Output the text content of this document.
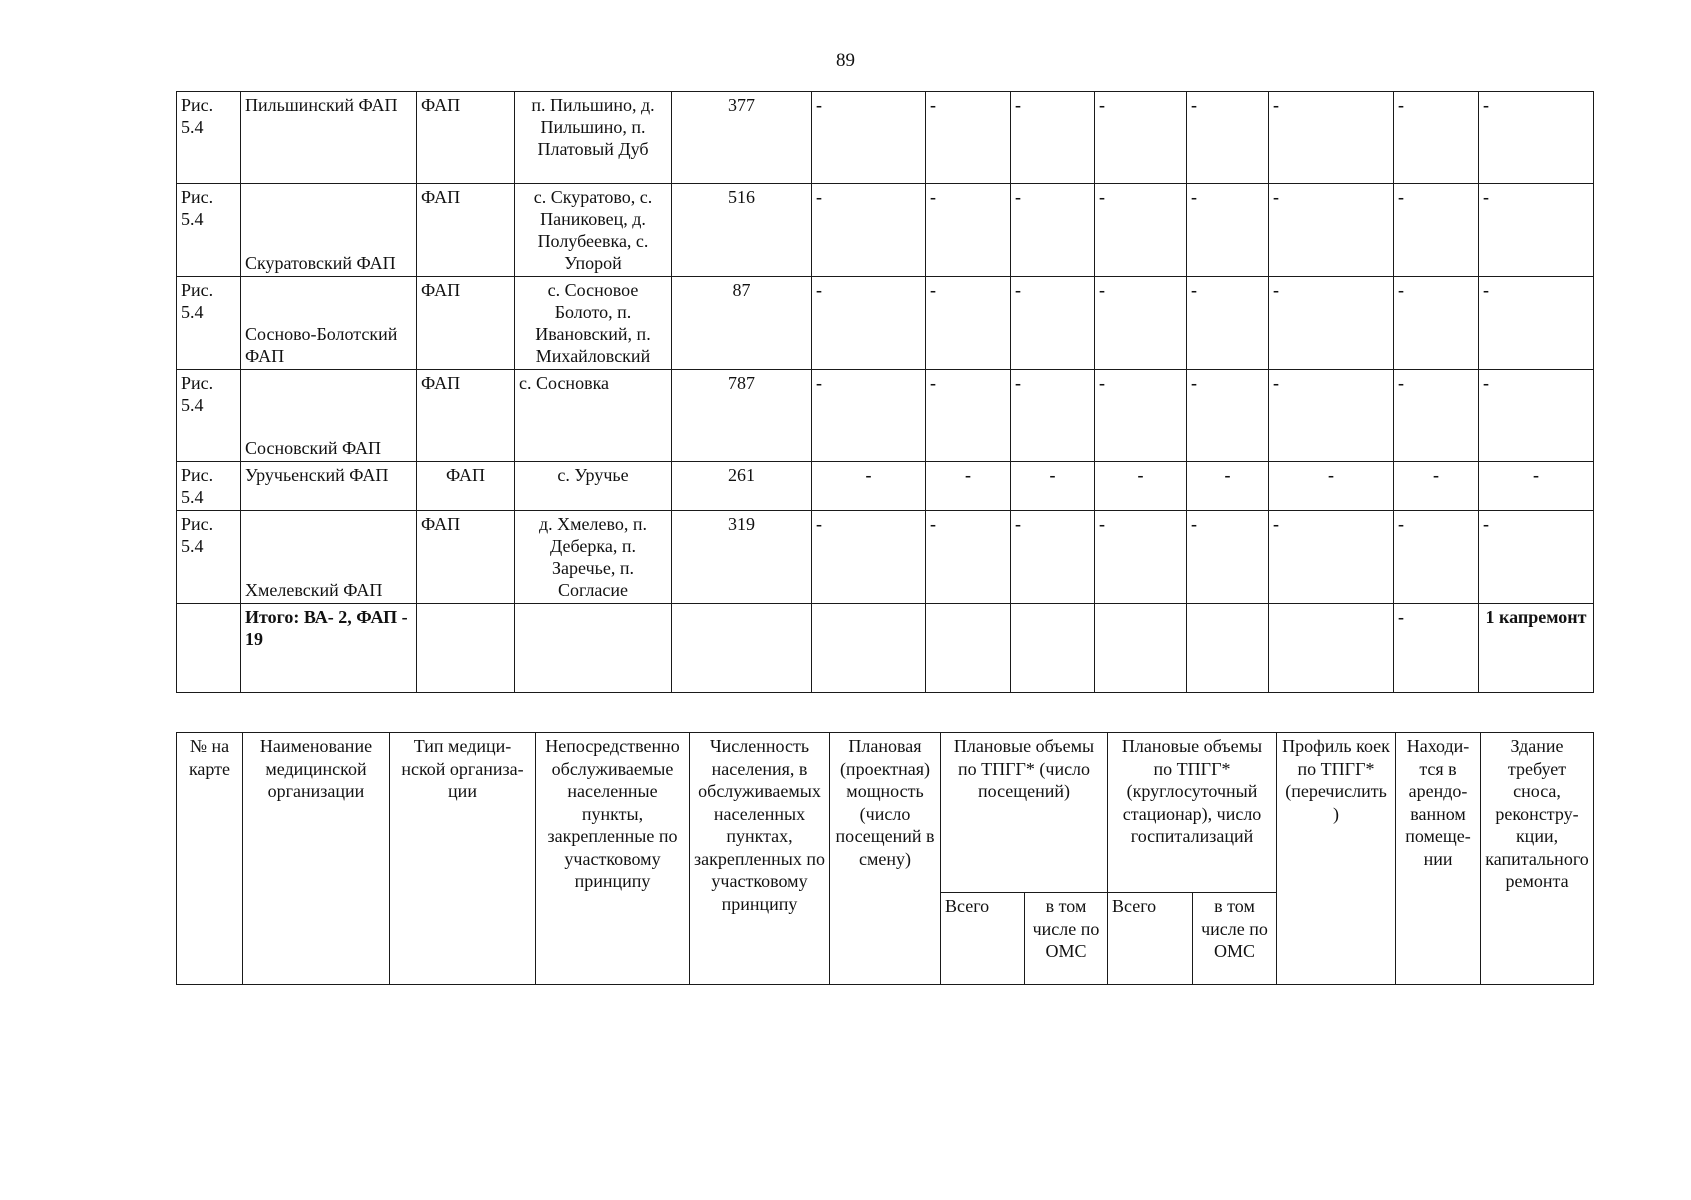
89
Рис. 5.4	Пильшинский ФАП	ФАП	п. Пильшино, д. Пильшино, п. Платовый Дуб	377	-	-	-	-	-	-	-	-
Рис. 5.4	Скуратовский ФАП	ФАП	с. Скуратово, с. Паниковец, д. Полубеевка, с. Упорой	516	-	-	-	-	-	-	-	-
Рис. 5.4	Сосново-Болотский ФАП	ФАП	с. Сосновое Болото, п. Ивановский, п. Михайловский	87	-	-	-	-	-	-	-	-
Рис. 5.4	Сосновский ФАП	ФАП	с. Сосновка	787	-	-	-	-	-	-	-	-
Рис. 5.4	Уручьенский ФАП	ФАП	с. Уручье	261	-	-	-	-	-	-	-	-
Рис. 5.4	Хмелевский ФАП	ФАП	д. Хмелево, п. Деберка, п. Заречье, п. Согласие	319	-	-	-	-	-	-	-	-
	Итого: ВА- 2, ФАП - 19										-	1 капремонт
№ на карте	Наименование медицинской организации	Тип медици-нской организа-ции	Непосредственно обслуживаемые населенные пункты, закрепленные по участковому принципу	Численность населения, в обслуживаемых населенных пунктах, закрепленных по участковому принципу	Плановая (проектная) мощность (число посещений в смену)	Плановые объемы по ТПГГ* (число посещений)		Плановые объемы по ТПГГ* (круглосуточный стационар), число госпитализаций		Профиль коек по ТПГГ* (перечислить )	Находи-тся в арендо-ванном помеще-нии	Здание требует сноса, реконстру-кции, капитального ремонта
						Всего	в том числе по ОМС	Всего	в том числе по ОМС			
